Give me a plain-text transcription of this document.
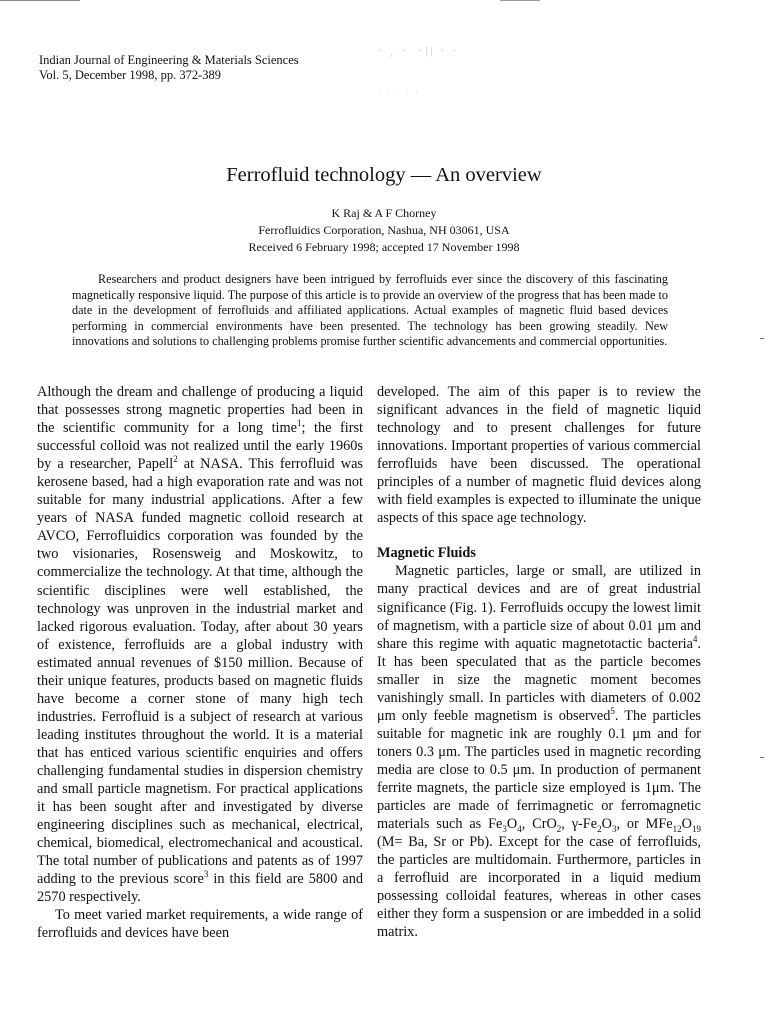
Indian Journal of Engineering & Materials Sciences
Vol. 5, December 1998, pp. 372-389
· ¸ ·  ·|| · ·
· · · · ·
Ferrofluid technology — An overview
K Raj & A F Chorney
Ferrofluidics Corporation, Nashua, NH 03061, USA
Received 6 February 1998; accepted 17 November 1998
Researchers and product designers have been intrigued by ferrofluids ever since the discovery of this fascinating magnetically responsive liquid. The purpose of this article is to provide an overview of the progress that has been made to date in the development of ferrofluids and affiliated applications. Actual examples of magnetic fluid based devices performing in commercial environments have been presented. The technology has been growing steadily. New innovations and solutions to challenging problems promise further scientific advancements and commercial opportunities.

Although the dream and challenge of producing a liquid that possesses strong magnetic properties had been in the scientific community for a long time$^1$; the first successful colloid was not realized until the early 1960s by a researcher, Papell$^2$ at NASA. This ferrofluid was kerosene based, had a high evaporation rate and was not suitable for many industrial applications. After a few years of NASA funded magnetic colloid research at AVCO, Ferrofluidics corporation was founded by the two visionaries, Rosensweig and Moskowitz, to commercialize the technology. At that time, although the scientific disciplines were well established, the technology was unproven in the industrial market and lacked rigorous evaluation. Today, after about 30 years of existence, ferrofluids are a global industry with estimated annual revenues of $150 million. Because of their unique features, products based on magnetic fluids have become a corner stone of many high tech industries. Ferrofluid is a subject of research at various leading institutes throughout the world. It is a material that has enticed various scientific enquiries and offers challenging fundamental studies in dispersion chemistry and small particle magnetism. For practical applications it has been sought after and investigated by diverse engineering disciplines such as mechanical, electrical, chemical, biomedical, electromechanical and acoustical. The total number of publications and patents as of 1997 adding to the previous score$^3$ in this field are 5800 and 2570 respectively.

To meet varied market requirements, a wide range of ferrofluids and devices have been

developed. The aim of this paper is to review the significant advances in the field of magnetic liquid technology and to present challenges for future innovations. Important properties of various commercial ferrofluids have been discussed. The operational principles of a number of magnetic fluid devices along with field examples is expected to illuminate the unique aspects of this space age technology.

Magnetic Fluids

Magnetic particles, large or small, are utilized in many practical devices and are of great industrial significance (Fig. 1). Ferrofluids occupy the lowest limit of magnetism, with a particle size of about 0.01 μm and share this regime with aquatic magnetotactic bacteria$^4$. It has been speculated that as the particle becomes smaller in size the magnetic moment becomes vanishingly small. In particles with diameters of 0.002 μm only feeble magnetism is observed$^5$. The particles suitable for magnetic ink are roughly 0.1 μm and for toners 0.3 μm. The particles used in magnetic recording media are close to 0.5 μm. In production of permanent ferrite magnets, the particle size employed is 1μm. The particles are made of ferrimagnetic or ferromagnetic materials such as $Fe_3O_4$, CrO$_2$, $\gamma-Fe_2O_3$, or $MFe_{12}O_{19}$ (M= Ba, Sr or Pb). Except for the case of ferrofluids, the particles are multidomain. Furthermore, particles in a ferrofluid are incorporated in a liquid medium possessing colloidal features, whereas in other cases either they form a suspension or are imbedded in a solid matrix.
